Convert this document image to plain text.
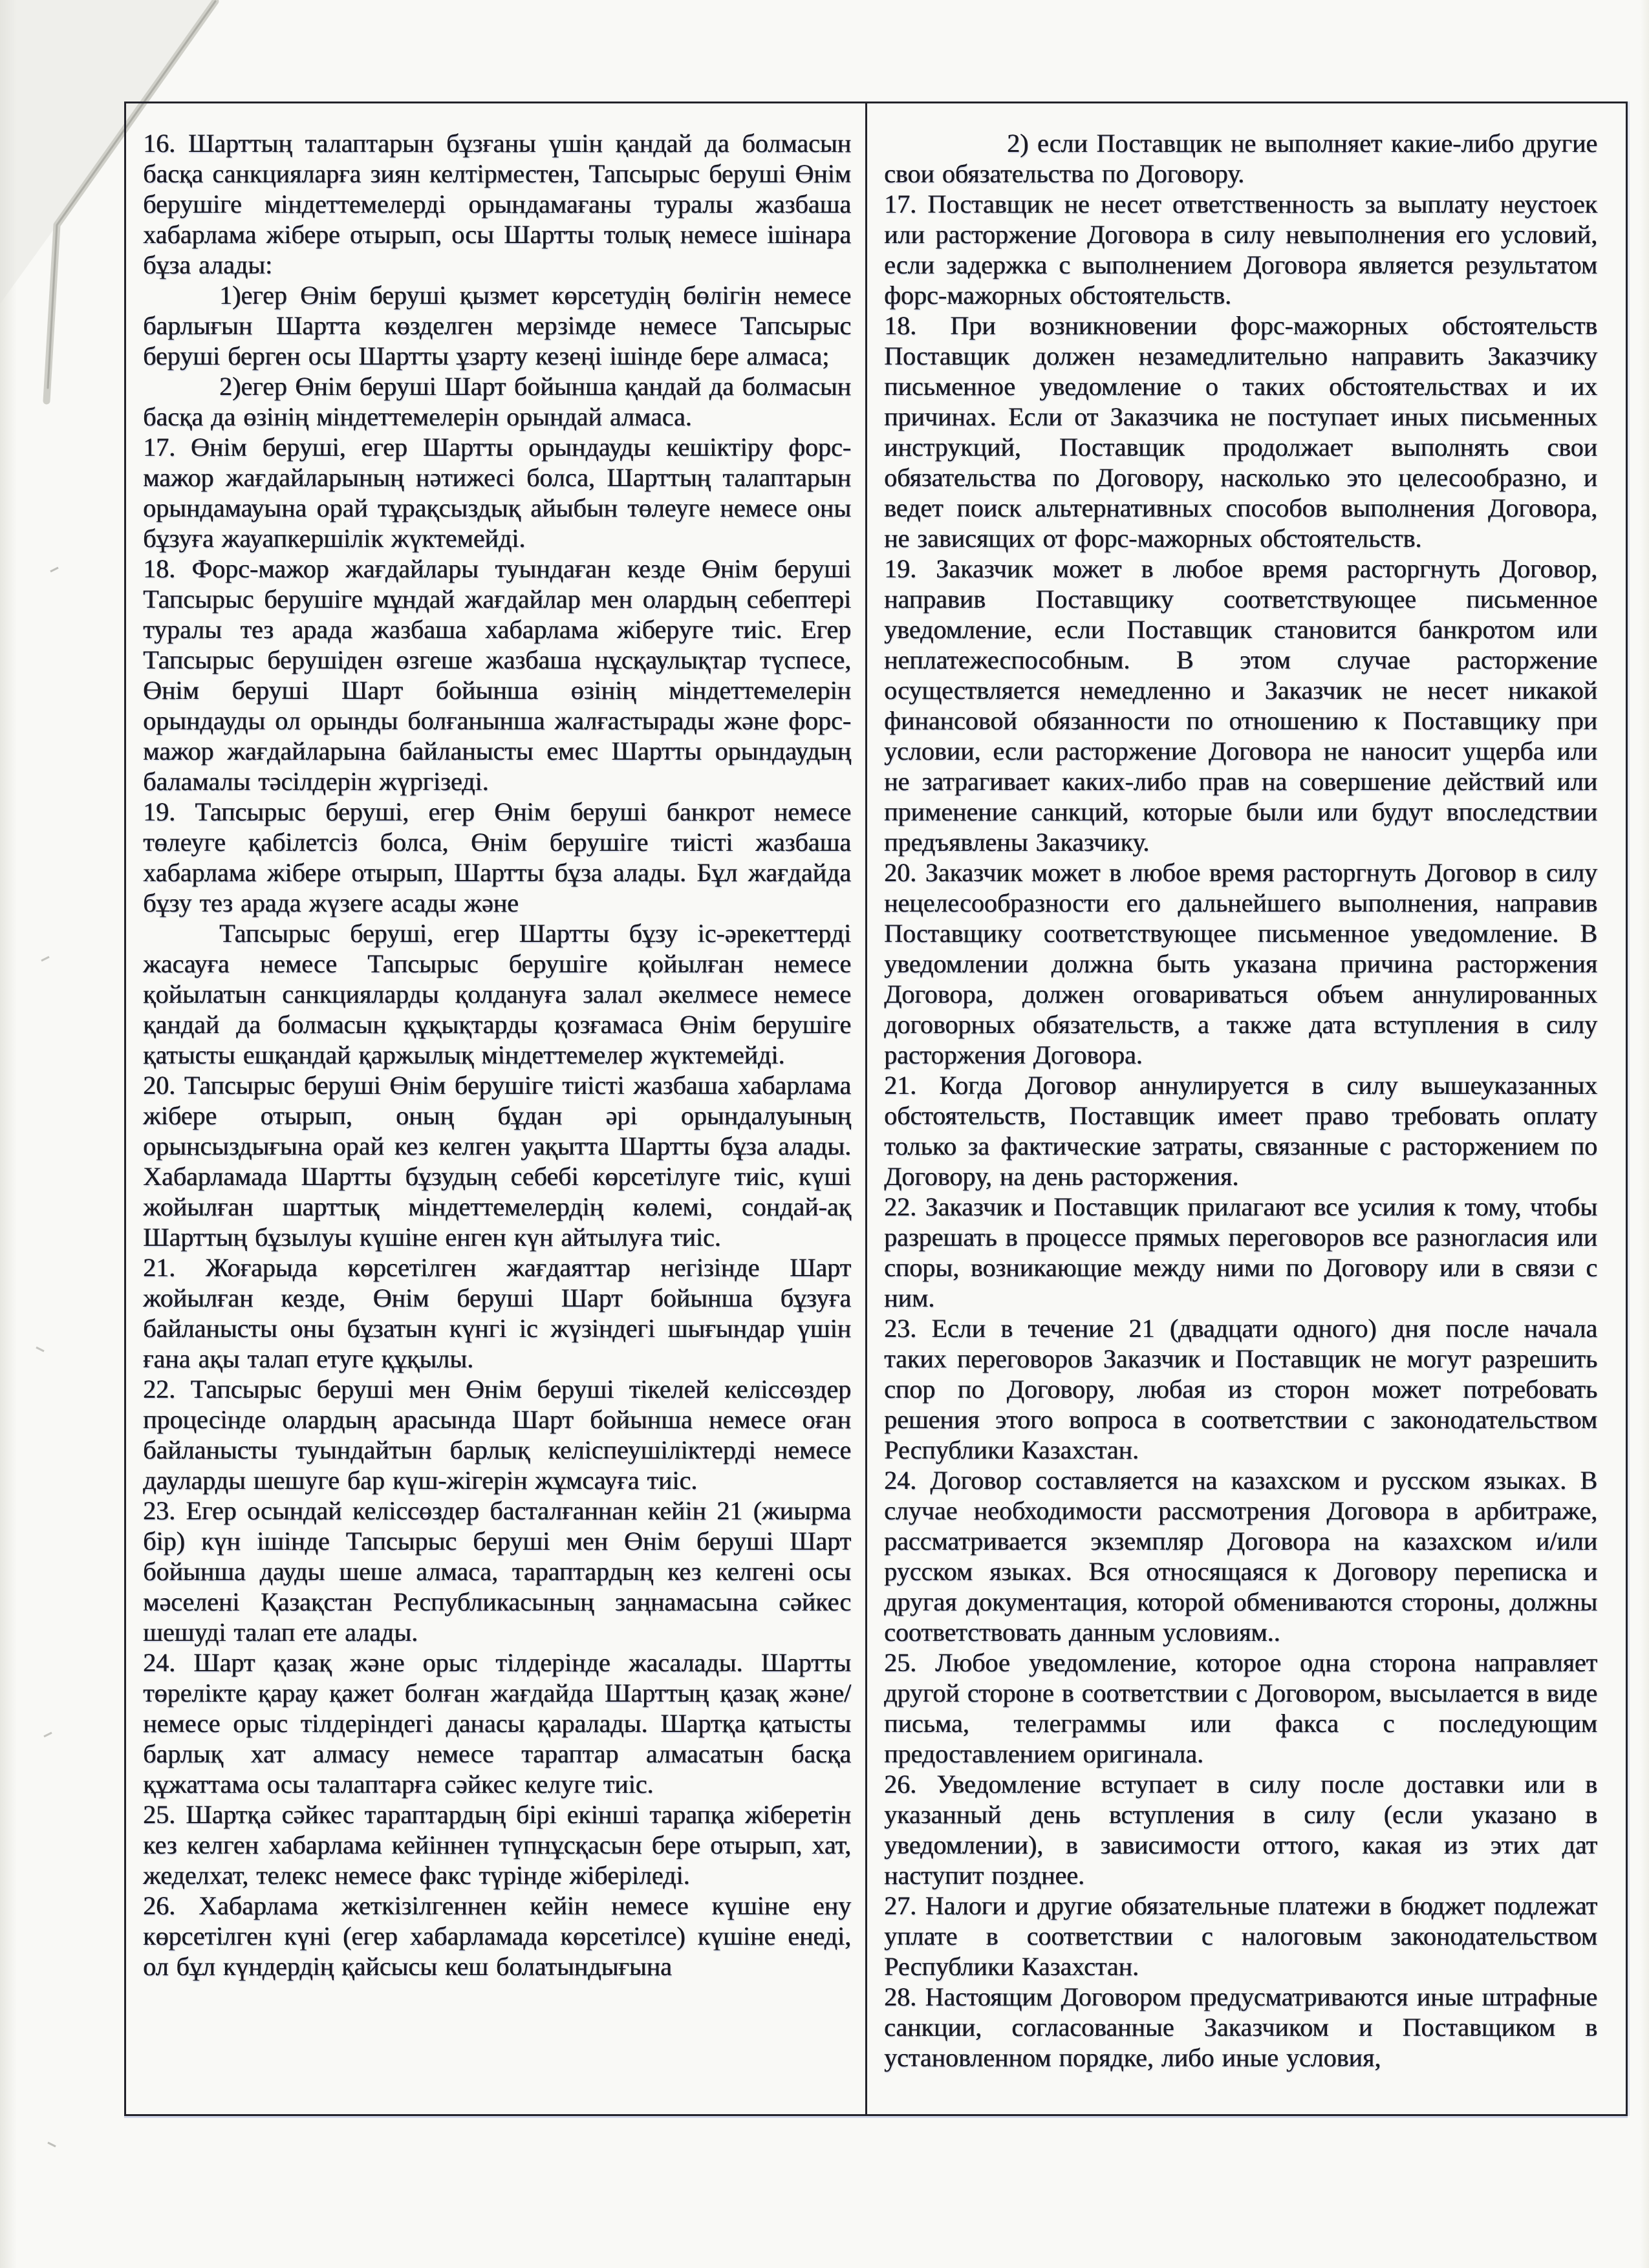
16. Шарттың талаптарын бұзғаны үшін қандай да болмасын басқа санкцияларға зиян келтірместен, Тапсырыс беруші Өнім берушіге міндеттемелерді орындамағаны туралы жазбаша хабарлама жібере отырып, осы Шартты толық немесе ішінара бұза алады:

1)егер Өнім беруші қызмет көрсетудің бөлігін немесе барлығын Шартта көзделген мерзімде немесе Тапсырыс беруші берген осы Шартты ұзарту кезеңі ішінде бере алмаса;

2)егер Өнім беруші Шарт бойынша қандай да болмасын басқа да өзінің міндеттемелерін орындай алмаса.

17. Өнім беруші, егер Шартты орындауды кешіктіру форс-мажор жағдайларының нәтижесі болса, Шарттың талаптарын орындамауына орай тұрақсыздық айыбын төлеуге немесе оны бұзуға жауапкершілік жүктемейді.

18. Форс-мажор жағдайлары туындаған кезде Өнім беруші Тапсырыс берушіге мұндай жағдайлар мен олардың себептері туралы тез арада жазбаша хабарлама жіберуге тиіс. Егер Тапсырыс берушіден өзгеше жазбаша нұсқаулықтар түспесе, Өнім беруші Шарт бойынша өзінің міндеттемелерін орындауды ол орынды болғанынша жалғастырады және форс-мажор жағдайларына байланысты емес Шартты орындаудың баламалы тәсілдерін жүргізеді.

19. Тапсырыс беруші, егер Өнім беруші банкрот немесе төлеуге қабілетсіз болса, Өнім берушіге тиісті жазбаша хабарлама жібере отырып, Шартты бұза алады. Бұл жағдайда бұзу тез арада жүзеге асады және

Тапсырыс беруші, егер Шартты бұзу іс-әрекеттерді жасауға немесе Тапсырыс берушіге қойылған немесе қойылатын санкцияларды қолдануға залал әкелмесе немесе қандай да болмасын құқықтарды қозғамаса Өнім берушіге қатысты ешқандай қаржылық міндеттемелер жүктемейді.

20. Тапсырыс беруші Өнім берушіге тиісті жазбаша хабарлама жібере отырып, оның бұдан әрі орындалуының орынсыздығына орай кез келген уақытта Шартты бұза алады. Хабарламада Шартты бұзудың себебі көрсетілуге тиіс, күші жойылған шарттық міндеттемелердің көлемі, сондай-ақ Шарттың бұзылуы күшіне енген күн айтылуға тиіс.

21. Жоғарыда көрсетілген жағдаяттар негізінде Шарт жойылған кезде, Өнім беруші Шарт бойынша бұзуға байланысты оны бұзатын күнгі іс жүзіндегі шығындар үшін ғана ақы талап етуге құқылы.

22. Тапсырыс беруші мен Өнім беруші тікелей келіссөздер процесінде олардың арасында Шарт бойынша немесе оған байланысты туындайтын барлық келіспеушіліктерді немесе дауларды шешуге бар күш-жігерін жұмсауға тиіс.

23. Егер осындай келіссөздер басталғаннан кейін 21 (жиырма бір) күн ішінде Тапсырыс беруші мен Өнім беруші Шарт бойынша дауды шеше алмаса, тараптардың кез келгені осы мәселені Қазақстан Республикасының заңнамасына сәйкес шешуді талап ете алады.

24. Шарт қазақ және орыс тілдерінде жасалады. Шартты төрелікте қарау қажет болған жағдайда Шарттың қазақ және/немесе орыс тілдеріндегі данасы қаралады. Шартқа қатысты барлық хат алмасу немесе тараптар алмасатын басқа құжаттама осы талаптарға сәйкес келуге тиіс.

25. Шартқа сәйкес тараптардың бірі екінші тарапқа жіберетін кез келген хабарлама кейіннен түпнұсқасын бере отырып, хат, жеделхат, телекс немесе факс түрінде жіберіледі.

26. Хабарлама жеткізілгеннен кейін немесе күшіне ену көрсетілген күні (егер хабарламада көрсетілсе) күшіне енеді, ол бұл күндердің қайсысы кеш болатындығына

2) если Поставщик не выполняет какие-либо другие свои обязательства по Договору.

17. Поставщик не несет ответственность за выплату неустоек или расторжение Договора в силу невыполнения его условий, если задержка с выполнением Договора является результатом форс-мажорных обстоятельств.

18. При возникновении форс-мажорных обстоятельств Поставщик должен незамедлительно направить Заказчику письменное уведомление о таких обстоятельствах и их причинах. Если от Заказчика не поступает иных письменных инструкций, Поставщик продолжает выполнять свои обязательства по Договору, насколько это целесообразно, и ведет поиск альтернативных способов выполнения Договора, не зависящих от форс-мажорных обстоятельств.

19. Заказчик может в любое время расторгнуть Договор, направив Поставщику соответствующее письменное уведомление, если Поставщик становится банкротом или неплатежеспособным. В этом случае расторжение осуществляется немедленно и Заказчик не несет никакой финансовой обязанности по отношению к Поставщику при условии, если расторжение Договора не наносит ущерба или не затрагивает каких-либо прав на совершение действий или применение санкций, которые были или будут впоследствии предъявлены Заказчику.

20. Заказчик может в любое время расторгнуть Договор в силу нецелесообразности его дальнейшего выполнения, направив Поставщику соответствующее письменное уведомление. В уведомлении должна быть указана причина расторжения Договора, должен оговариваться объем аннулированных договорных обязательств, а также дата вступления в силу расторжения Договора.

21. Когда Договор аннулируется в силу вышеуказанных обстоятельств, Поставщик имеет право требовать оплату только за фактические затраты, связанные с расторжением по Договору, на день расторжения.

22. Заказчик и Поставщик прилагают все усилия к тому, чтобы разрешать в процессе прямых переговоров все разногласия или споры, возникающие между ними по Договору или в связи с ним.

23. Если в течение 21 (двадцати одного) дня после начала таких переговоров Заказчик и Поставщик не могут разрешить спор по Договору, любая из сторон может потребовать решения этого вопроса в соответствии с законодательством Республики Казахстан.

24. Договор составляется на казахском и русском языках. В случае необходимости рассмотрения Договора в арбитраже, рассматривается экземпляр Договора на казахском и/или русском языках. Вся относящаяся к Договору переписка и другая документация, которой обмениваются стороны, должны соответствовать данным условиям..

25. Любое уведомление, которое одна сторона направляет другой стороне в соответствии с Договором, высылается в виде письма, телеграммы или факса с последующим предоставлением оригинала.

26. Уведомление вступает в силу после доставки или в указанный день вступления в силу (если указано в уведомлении), в зависимости оттого, какая из этих дат наступит позднее.

27. Налоги и другие обязательные платежи в бюджет подлежат уплате в соответствии с налоговым законодательством Республики Казахстан.

28. Настоящим Договором предусматриваются иные штрафные санкции, согласованные Заказчиком и Поставщиком в установленном порядке, либо иные условия,
